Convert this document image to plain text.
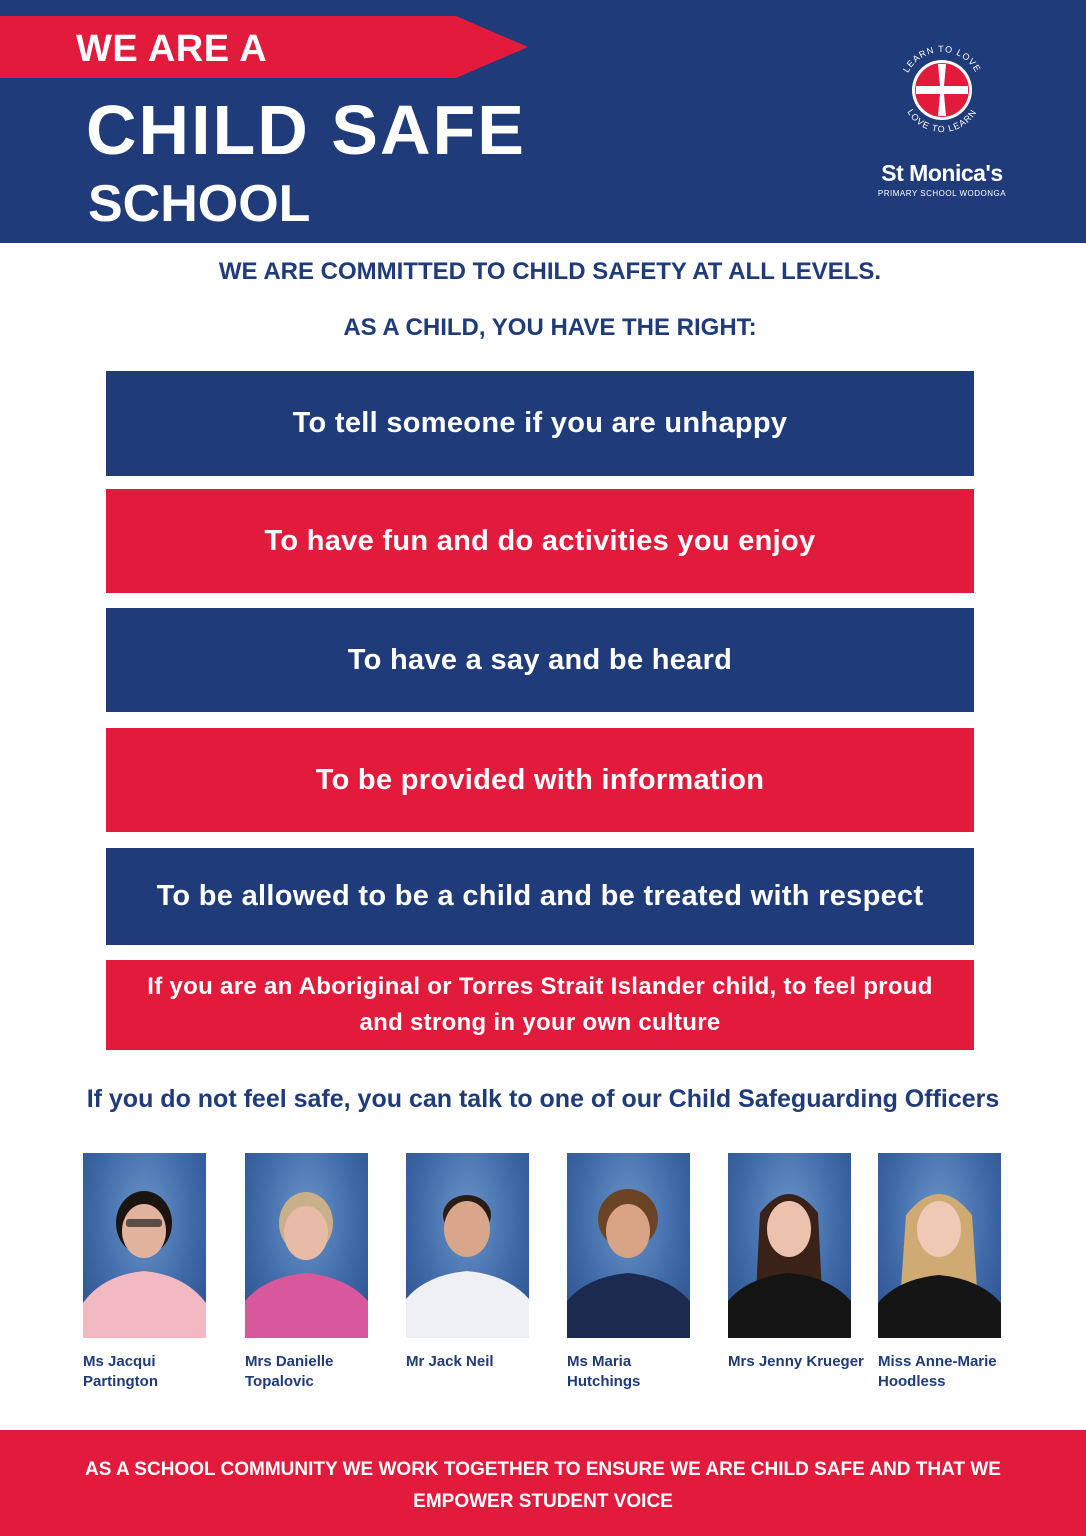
WE ARE A
CHILD SAFE
SCHOOL
LEARN TO LOVE
LOVE TO LEARN
St Monica's
PRIMARY SCHOOL WODONGA
WE ARE COMMITTED TO CHILD SAFETY AT ALL LEVELS.
AS A CHILD, YOU HAVE THE RIGHT:
To tell someone if you are unhappy
To have fun and do activities you enjoy
To have a say and be heard
To be provided with information
To be allowed to be a child and be treated with respect
If you are an Aboriginal or Torres Strait Islander child, to feel proud and strong in your own culture
If you do not feel safe, you can talk to one of our Child Safeguarding Officers
Ms Jacqui Partington
Mrs Danielle Topalovic
Mr Jack Neil	Ms Maria Hutchings
Mrs Jenny Krueger Miss Anne-Marie Hoodless
AS A SCHOOL COMMUNITY WE WORK TOGETHER TO ENSURE WE ARE CHILD SAFE AND THAT WE EMPOWER STUDENT VOICE
